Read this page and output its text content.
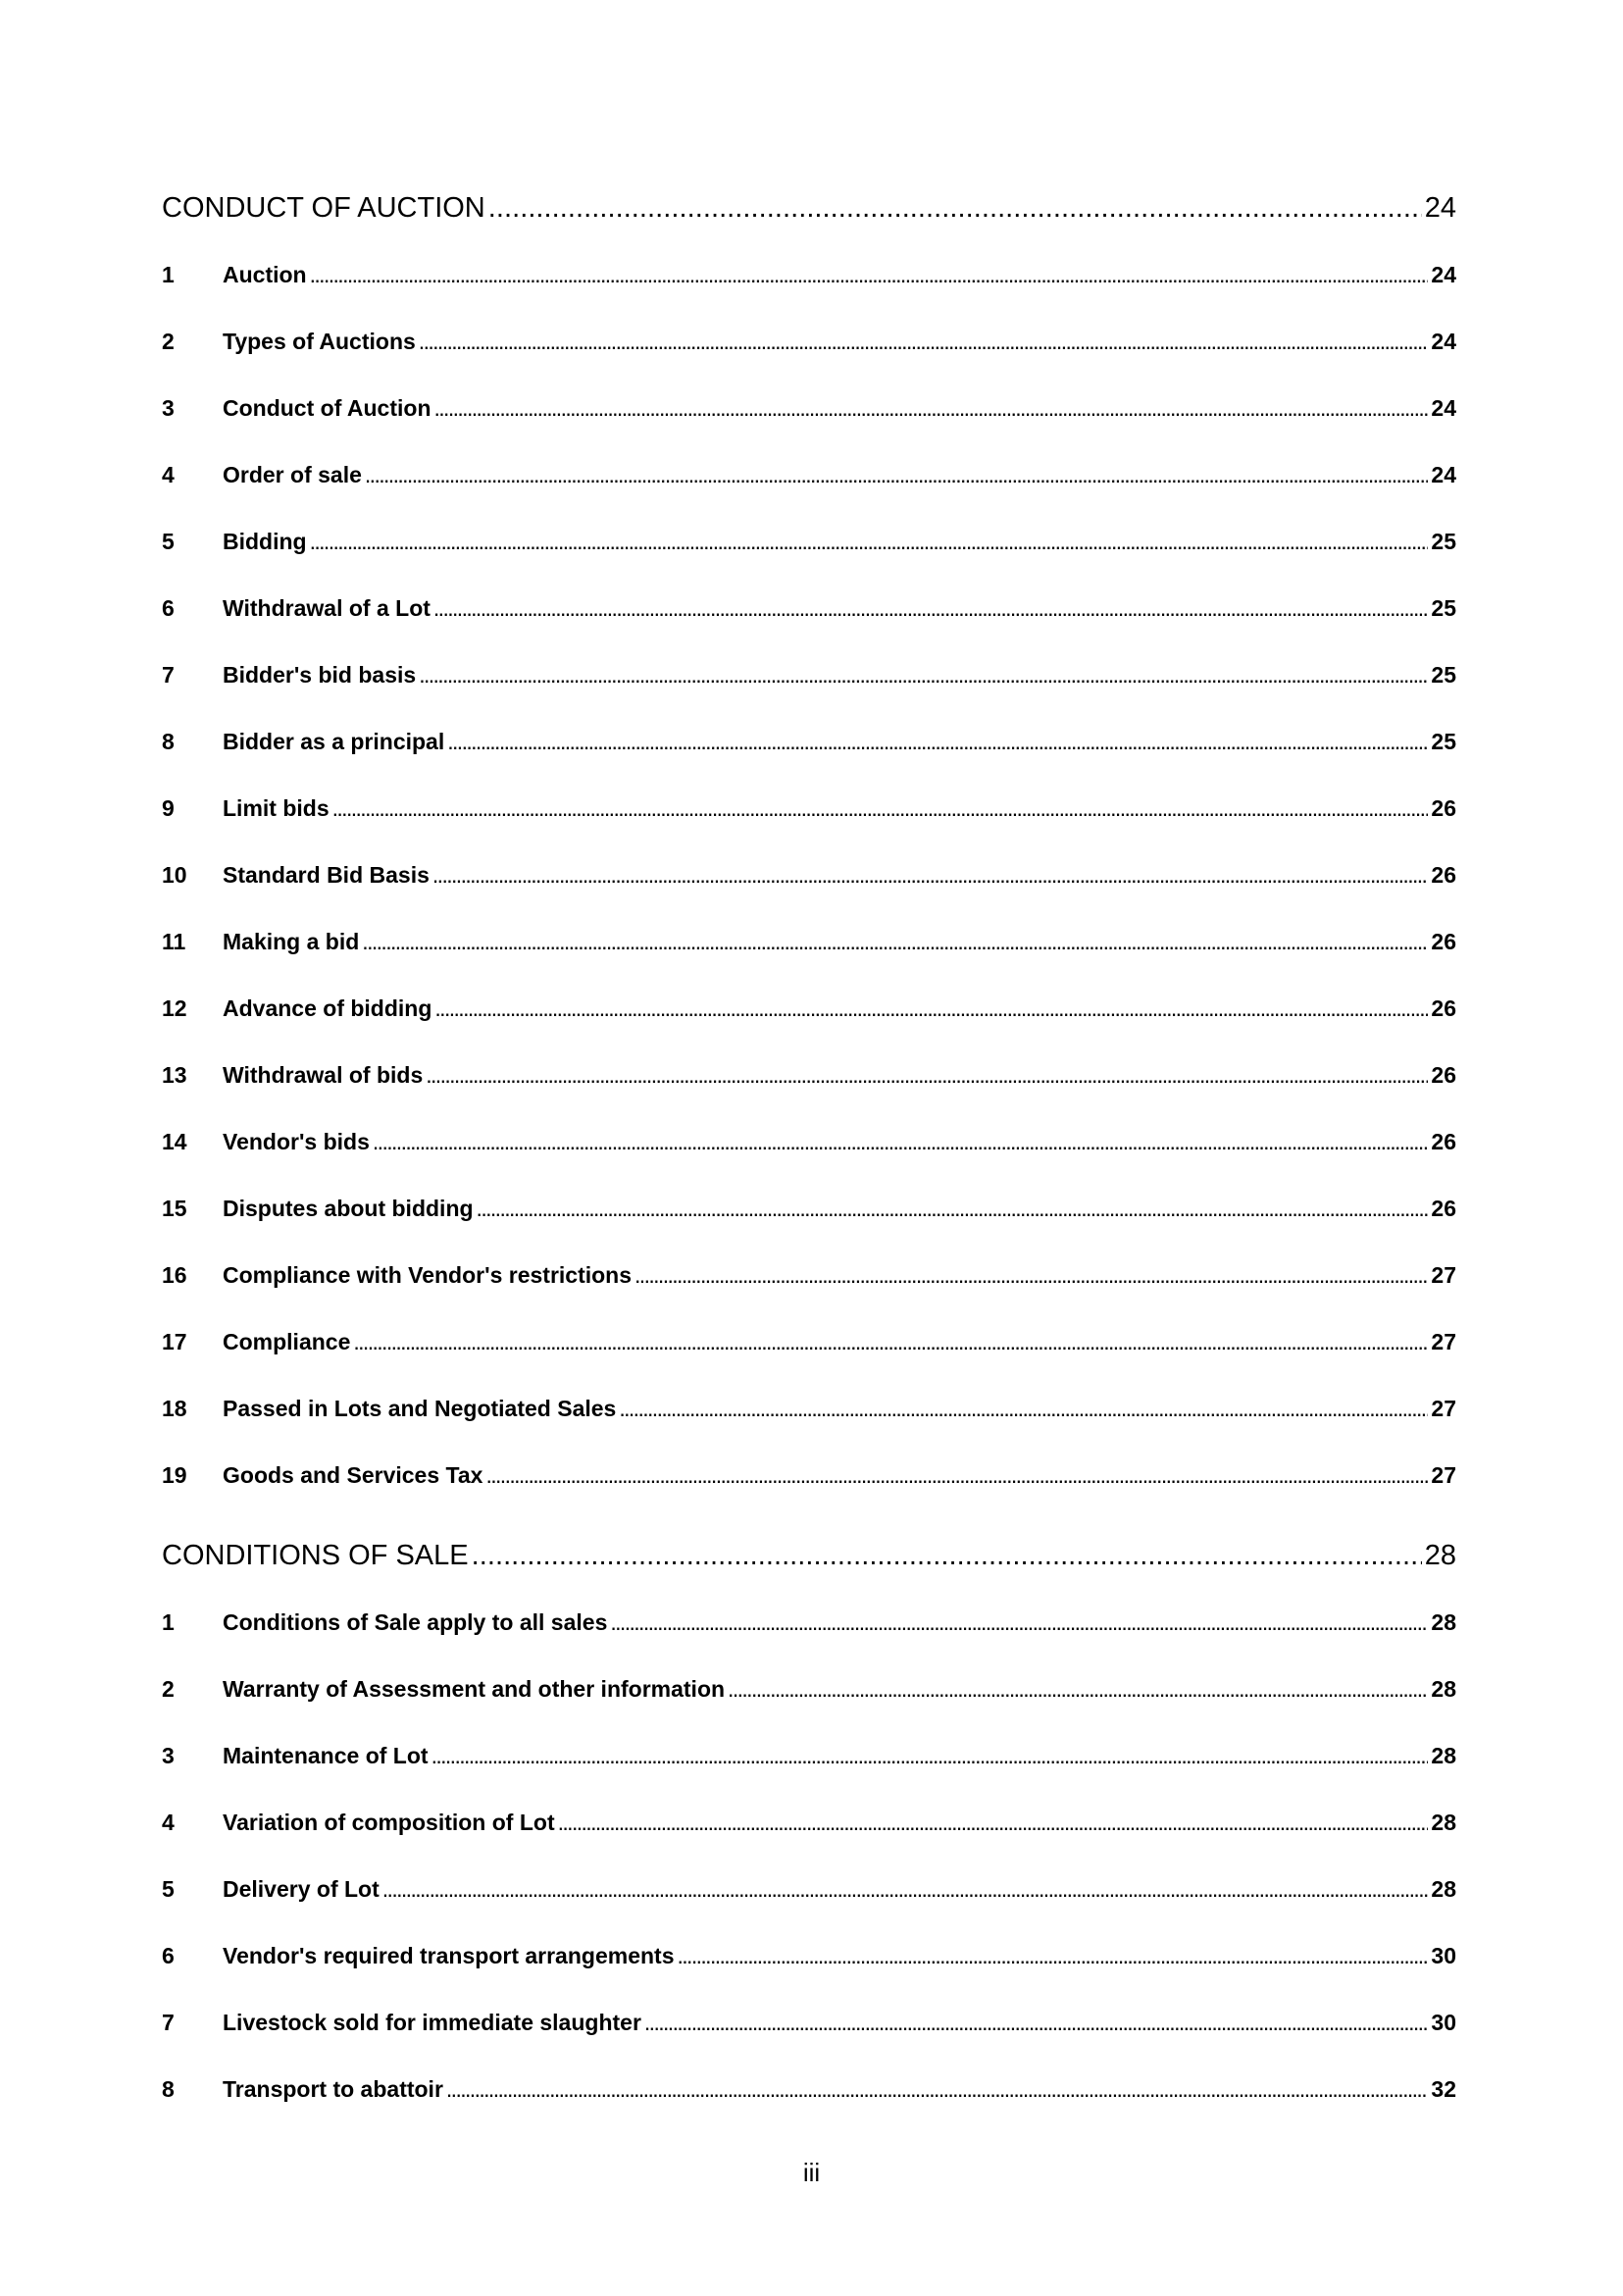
CONDUCT OF AUCTION . . .	24
1	Auction . . .	24
2	Types of Auctions . . .	24
3	Conduct of Auction . . .	24
4	Order of sale . . .	24
5	Bidding . . .	25
6	Withdrawal of a Lot . . .	25
7	Bidder's bid basis . . .	25
8	Bidder as a principal . . .	25
9	Limit bids . . .	26
10	Standard Bid Basis . . .	26
11	Making a bid . . .	26
12	Advance of bidding . . .	26
13	Withdrawal of bids . . .	26
14	Vendor's bids . . .	26
15	Disputes about bidding . . .	26
16	Compliance with Vendor's restrictions . . .	27
17	Compliance . . .	27
18	Passed in Lots and Negotiated Sales . . .	27
19	Goods and Services Tax . . .	27
CONDITIONS OF SALE . . .	28
1	Conditions of Sale apply to all sales . . .	28
2	Warranty of Assessment and other information . . .	28
3	Maintenance of Lot . . .	28
4	Variation of composition of Lot . . .	28
5	Delivery of Lot . . .	28
6	Vendor's required transport arrangements . . .	30
7	Livestock sold for immediate slaughter . . .	30
8	Transport to abattoir . . .	32
iii
